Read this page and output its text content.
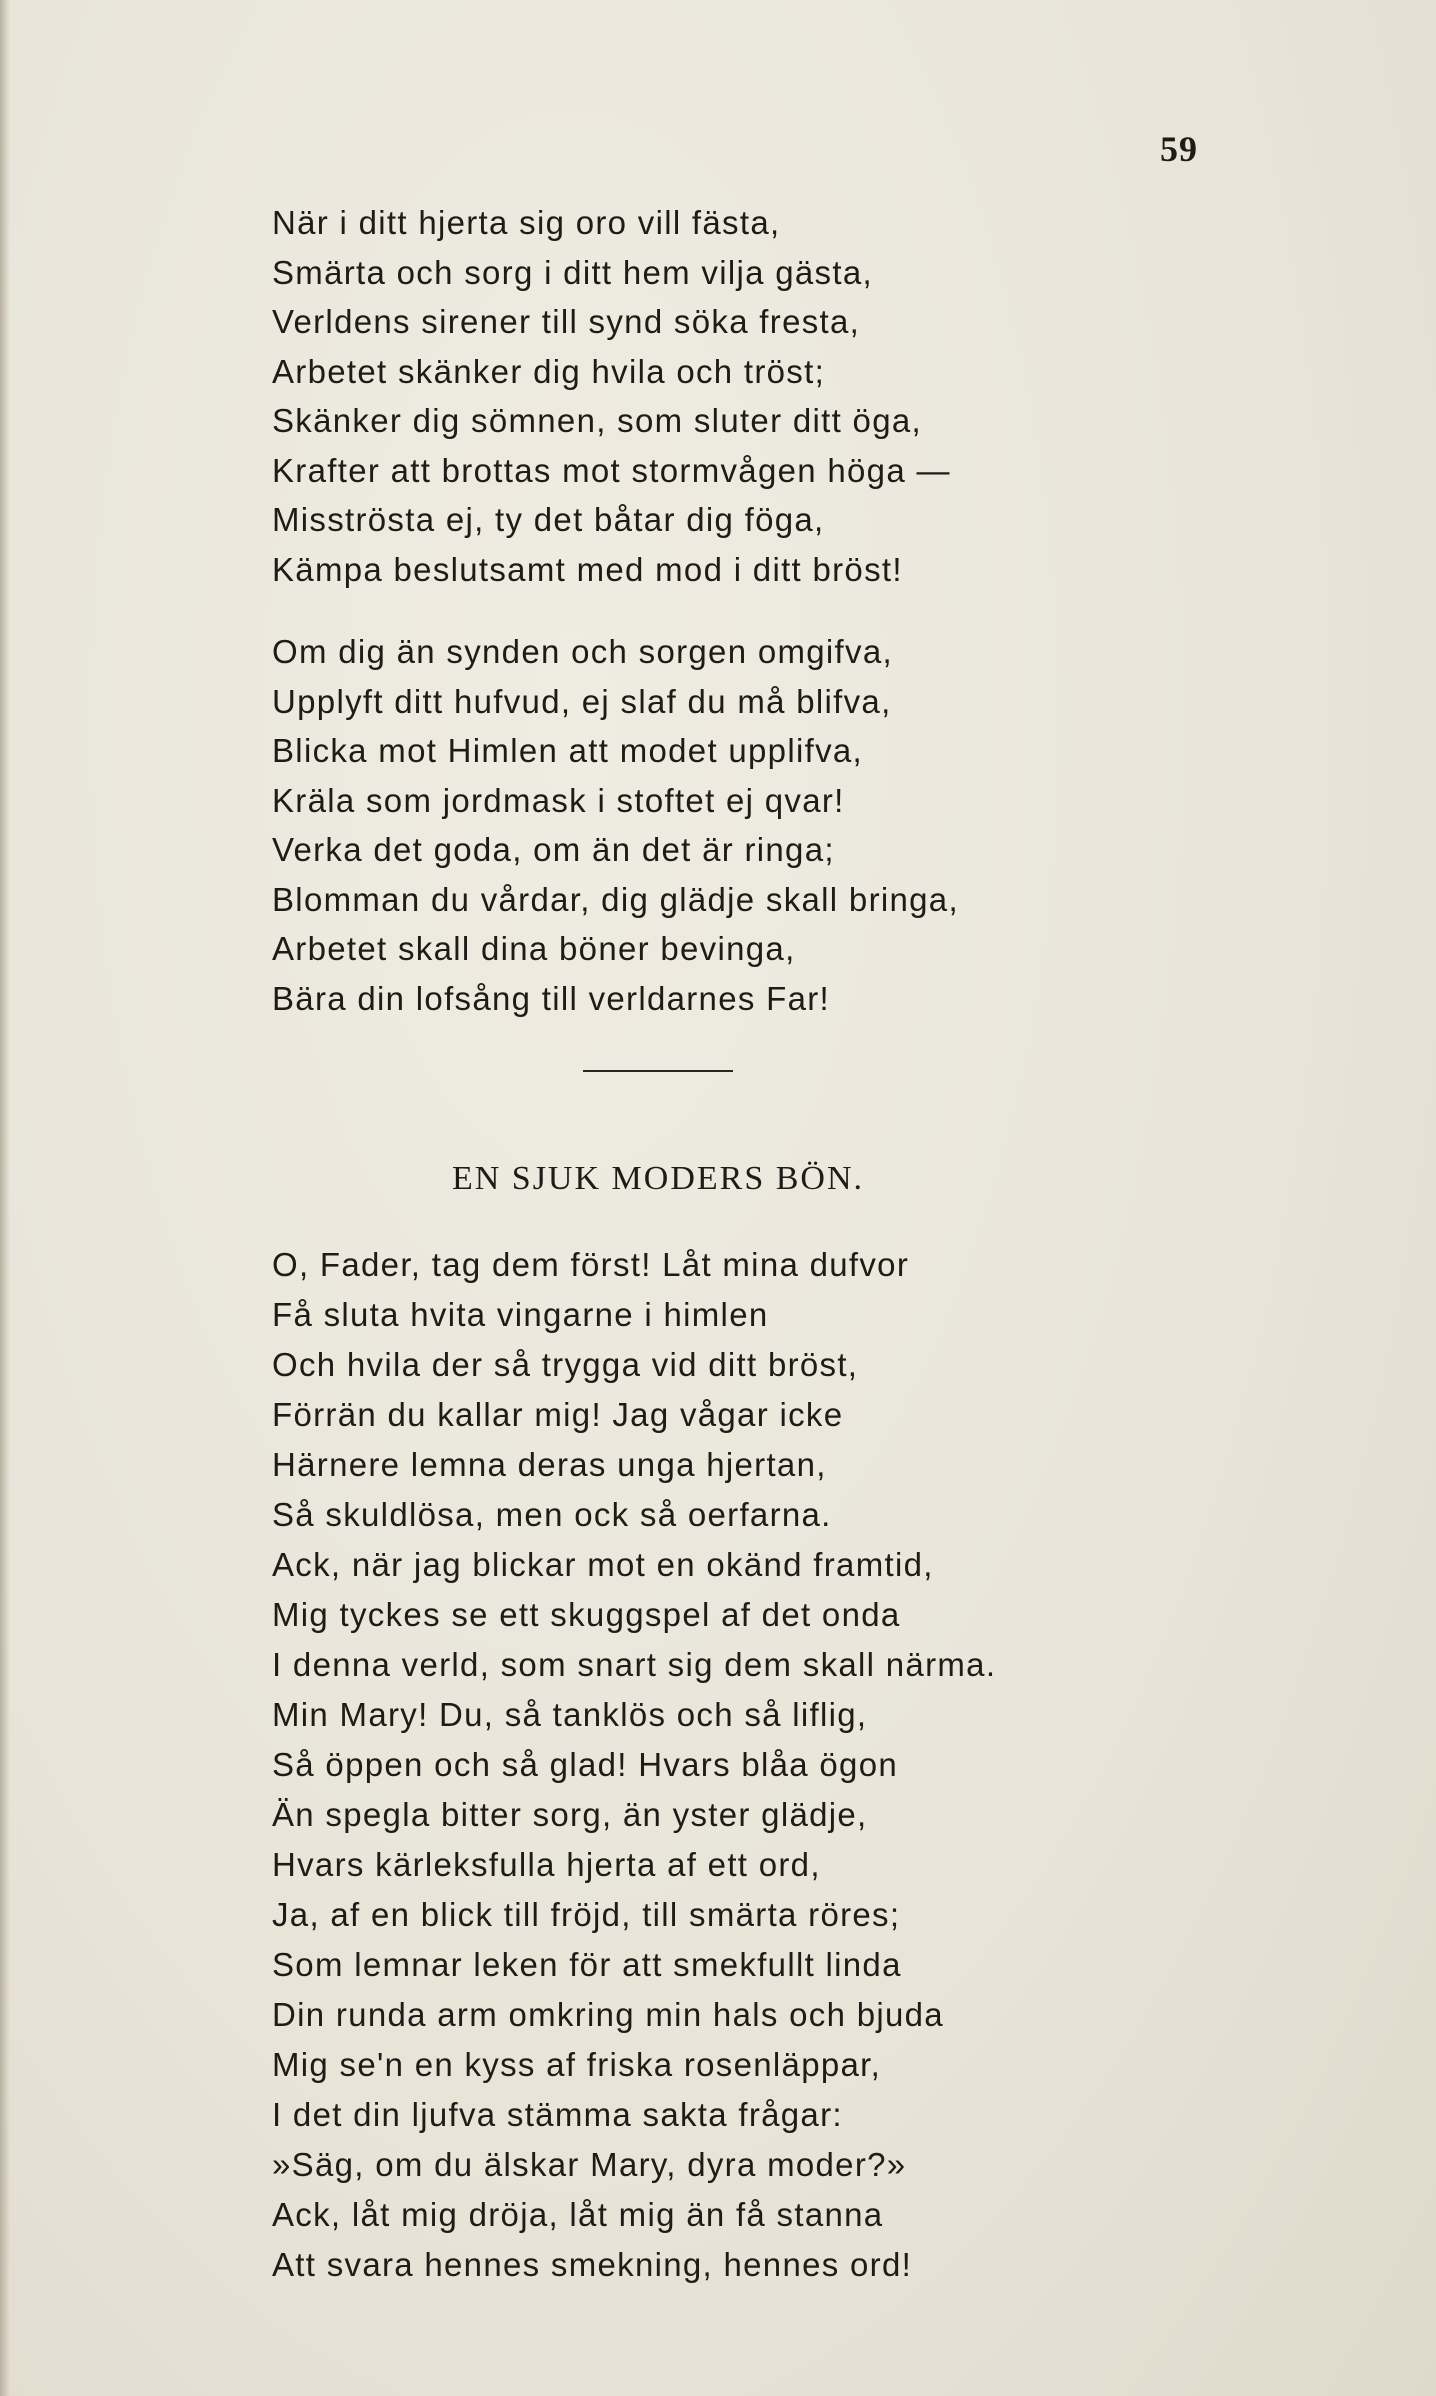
59
När i ditt hjerta sig oro vill fästa,
Smärta och sorg i ditt hem vilja gästa,
Verldens sirener till synd söka fresta,
Arbetet skänker dig hvila och tröst;
Skänker dig sömnen, som sluter ditt öga,
Krafter att brottas mot stormvågen höga —
Misströsta ej, ty det båtar dig föga,
Kämpa beslutsamt med mod i ditt bröst!
Om dig än synden och sorgen omgifva,
Upplyft ditt hufvud, ej slaf du må blifva,
Blicka mot Himlen att modet upplifva,
Kräla som jordmask i stoftet ej qvar!
Verka det goda, om än det är ringa;
Blomman du vårdar, dig glädje skall bringa,
Arbetet skall dina böner bevinga,
Bära din lofsång till verldarnes Far!
EN SJUK MODERS BÖN.
O, Fader, tag dem först! Låt mina dufvor
Få sluta hvita vingarne i himlen
Och hvila der så trygga vid ditt bröst,
Förrän du kallar mig! Jag vågar icke
Härnere lemna deras unga hjertan,
Så skuldlösa, men ock så oerfarna.
Ack, när jag blickar mot en okänd framtid,
Mig tyckes se ett skuggspel af det onda
I denna verld, som snart sig dem skall närma.
Min Mary! Du, så tanklös och så liflig,
Så öppen och så glad! Hvars blåa ögon
Än spegla bitter sorg, än yster glädje,
Hvars kärleksfulla hjerta af ett ord,
Ja, af en blick till fröjd, till smärta röres;
Som lemnar leken för att smekfullt linda
Din runda arm omkring min hals och bjuda
Mig se'n en kyss af friska rosenläppar,
I det din ljufva stämma sakta frågar:
»Säg, om du älskar Mary, dyra moder?»
Ack, låt mig dröja, låt mig än få stanna
Att svara hennes smekning, hennes ord!
